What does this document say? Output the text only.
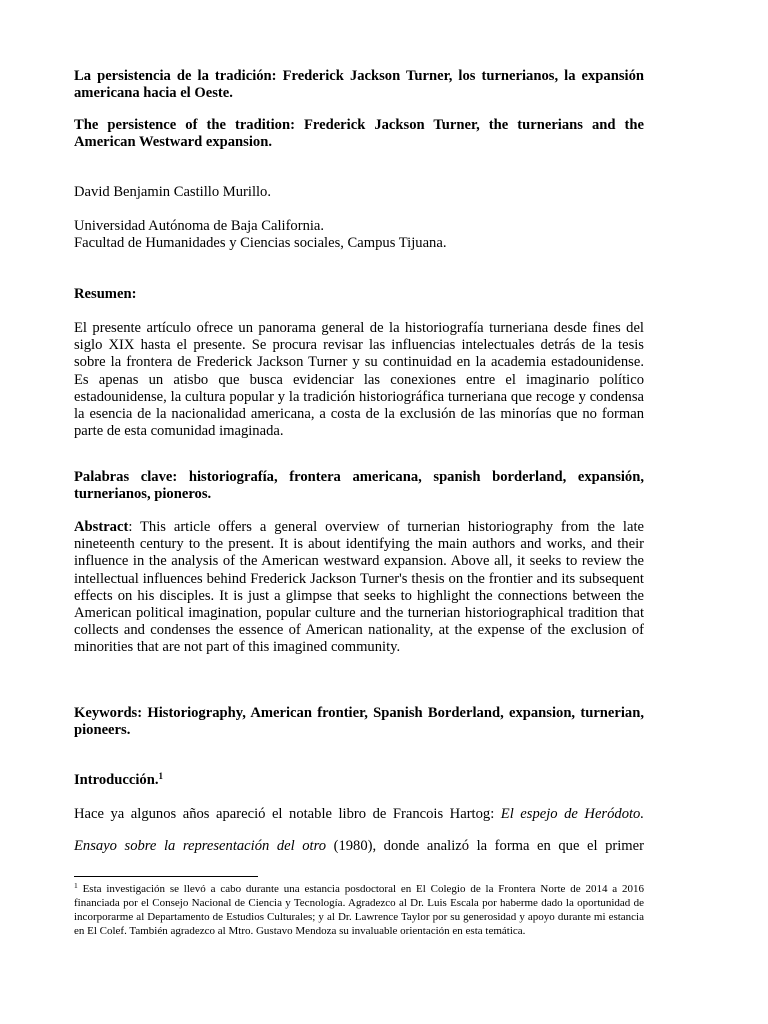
La persistencia de la tradición: Frederick Jackson Turner, los turnerianos, la expansión americana hacia el Oeste.

The persistence of the tradition: Frederick Jackson Turner, the turnerians and the American Westward expansion.

David Benjamin Castillo Murillo.

Universidad Autónoma de Baja California.
Facultad de Humanidades y Ciencias sociales, Campus Tijuana.

Resumen:

El presente artículo ofrece un panorama general de la historiografía turneriana desde fines del siglo XIX hasta el presente. Se procura revisar las influencias intelectuales detrás de la tesis sobre la frontera de Frederick Jackson Turner y su continuidad en la academia estadounidense. Es apenas un atisbo que busca evidenciar las conexiones entre el imaginario político estadounidense, la cultura popular y la tradición historiográfica turneriana que recoge y condensa la esencia de la nacionalidad americana, a costa de la exclusión de las minorías que no forman parte de esta comunidad imaginada.

Palabras clave: historiografía, frontera americana, spanish borderland, expansión, turnerianos, pioneros.

Abstract: This article offers a general overview of turnerian historiography from the late nineteenth century to the present. It is about identifying the main authors and works, and their influence in the analysis of the American westward expansion. Above all, it seeks to review the intellectual influences behind Frederick Jackson Turner's thesis on the frontier and its subsequent effects on his disciples. It is just a glimpse that seeks to highlight the connections between the American political imagination, popular culture and the turnerian historiographical tradition that collects and condenses the essence of American nationality, at the expense of the exclusion of minorities that are not part of this imagined community.

Keywords: Historiography, American frontier, Spanish Borderland, expansion, turnerian, pioneers.

Introducción.$^1$

Hace ya algunos años apareció el notable libro de Francois Hartog: El espejo de Heródoto.

Ensayo sobre la representación del otro (1980), donde analizó la forma en que el primer

$^1$ Esta investigación se llevó a cabo durante una estancia posdoctoral en El Colegio de la Frontera Norte de 2014 a 2016 financiada por el Consejo Nacional de Ciencia y Tecnología. Agradezco al Dr. Luis Escala por haberme dado la oportunidad de incorporarme al Departamento de Estudios Culturales; y al Dr. Lawrence Taylor por su generosidad y apoyo durante mi estancia en El Colef. También agradezco al Mtro. Gustavo Mendoza su invaluable orientación en esta temática.
